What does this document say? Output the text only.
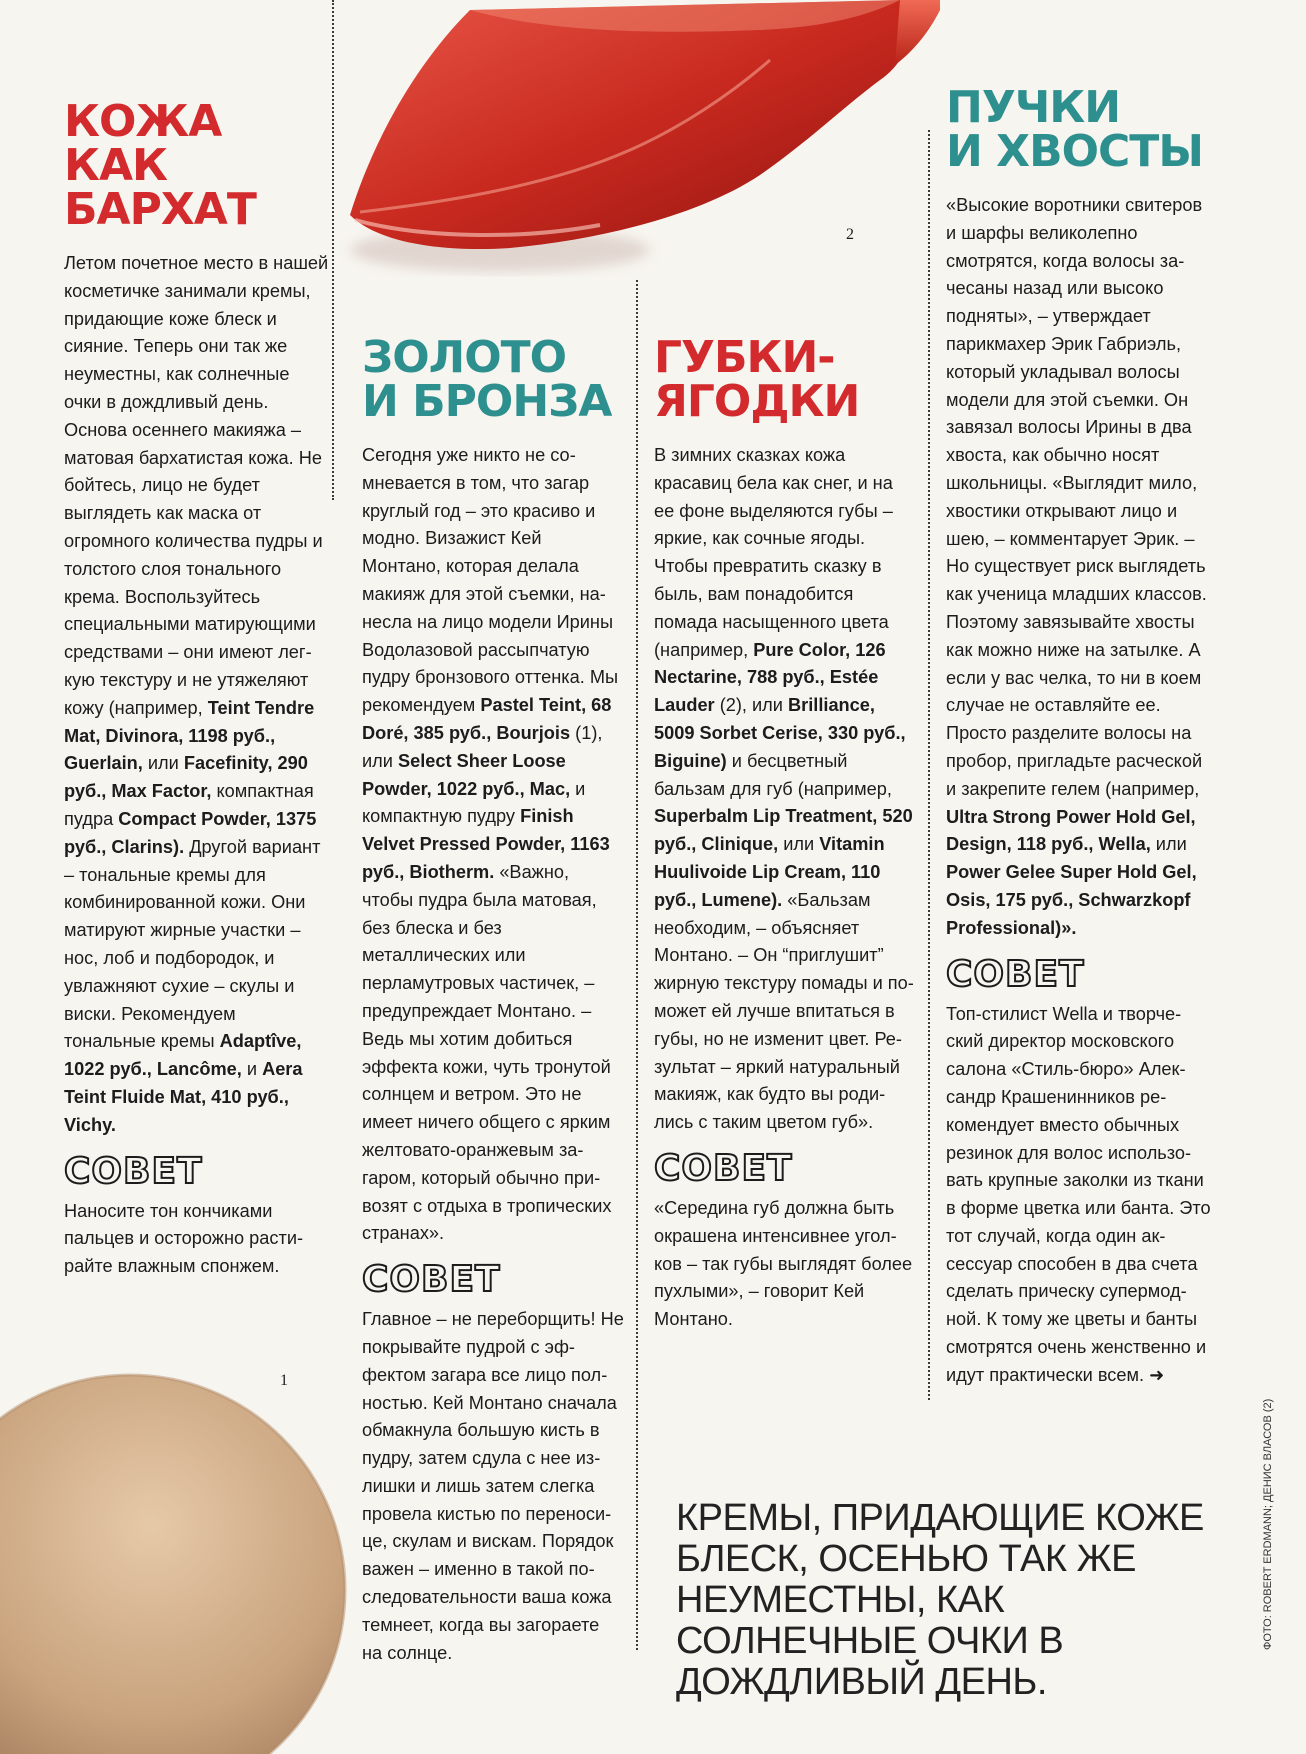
2
1
КОЖА КАК
БАРХАТ

Летом почетное место в нашей косметичке занимали кремы, придающие коже блеск и сияние. Теперь они так же неуместны, как солнечные очки в дождливый день. Основа осеннего макияжа – матовая бархатистая кожа. Не бойтесь, лицо не будет выглядеть как маска от огромного количества пудры и толстого слоя тонального крема. Воспользуйтесь специальными матирующими средствами – они имеют легкую текстуру и не утяжеляют кожу (например, Teint Tendre Mat, Divinora, 1198 руб., Guerlain, или Facefinity, 290 руб., Max Factor, компактная пудра Compact Powder, 1375 руб., Clarins). Другой вариант – тональные кремы для комбинированной кожи. Они матируют жирные участки – нос, лоб и подбородок, и увлажняют сухие – скулы и виски. Рекомендуем тональные кремы Adaptîve, 1022 руб., Lancôme, и Aera Teint Fluide Mat, 410 руб., Vichy.

СОВЕТ

Наносите тон кончиками пальцев и осторожно растирайте влажным спонжем.

ЗОЛОТО
И БРОНЗА

Сегодня уже никто не сомневается в том, что загар круглый год – это красиво и модно. Визажист Кей Монтано, которая делала макияж для этой съемки, нанесла на лицо модели Ирины Водолазовой рассыпчатую пудру бронзового оттенка. Мы рекомендуем Pastel Teint, 68 Doré, 385 руб., Bourjois (1), или Select Sheer Loose Powder, 1022 руб., Mac, и компактную пудру Finish Velvet Pressed Powder, 1163 руб., Biotherm. «Важно, чтобы пудра была матовая, без блеска и без металлических или перламутровых частичек, – предупреждает Монтано. – Ведь мы хотим добиться эффекта кожи, чуть тронутой солнцем и ветром. Это не имеет ничего общего с ярким желтовато-оранжевым загаром, который обычно привозят с отдыха в тропических странах».

СОВЕТ

Главное – не переборщить! Не покрывайте пудрой с эффектом загара все лицо полностью. Кей Монтано сначала обмакнула большую кисть в пудру, затем сдула с нее излишки и лишь затем слегка провела кистью по переносице, скулам и вискам. Порядок важен – именно в такой последовательности ваша кожа темнеет, когда вы загораете на солнце.

ГУБКИ-
ЯГОДКИ

В зимних сказках кожа красавиц бела как снег, и на ее фоне выделяются губы – яркие, как сочные ягоды. Чтобы превратить сказку в быль, вам понадобится помада насыщенного цвета (например, Pure Color, 126 Nectarine, 788 руб., Estée Lauder (2), или Brilliance, 5009 Sorbet Cerise, 330 руб., Biguine) и бесцветный бальзам для губ (например, Superbalm Lip Treatment, 520 руб., Clinique, или Vitamin Huulivoide Lip Cream, 110 руб., Lumene). «Бальзам необходим, – объясняет Монтано. – Он “приглушит” жирную текстуру помады и поможет ей лучше впитаться в губы, но не изменит цвет. Результат – яркий натуральный макияж, как будто вы родились с таким цветом губ».

СОВЕТ

«Середина губ должна быть окрашена интенсивнее уголков – так губы выглядят более пухлыми», – говорит Кей Монтано.

ПУЧКИ
И ХВОСТЫ

«Высокие воротники свитеров и шарфы великолепно смотрятся, когда волосы зачесаны назад или высоко подняты», – утверждает парикмахер Эрик Габриэль, который укладывал волосы модели для этой съемки. Он завязал волосы Ирины в два хвоста, как обычно носят школьницы. «Выглядит мило, хвостики открывают лицо и шею, – комментарует Эрик. – Но существует риск выглядеть как ученица младших классов. Поэтому завязывайте хвосты как можно ниже на затылке. А если у вас челка, то ни в коем случае не оставляйте ее. Просто разделите волосы на пробор, пригладьте расческой и закрепите гелем (например, Ultra Strong Power Hold Gel, Design, 118 руб., Wella, или Power Gelee Super Hold Gel, Osis, 175 руб., Schwarzkopf Professional)».

СОВЕТ

Топ-стилист Wella и творческий директор московского салона «Стиль-бюро» Александр Крашенинников рекомендует вместо обычных резинок для волос использовать крупные заколки из ткани в форме цветка или банта. Это тот случай, когда один аксессуар способен в два счета сделать прическу супермодной. К тому же цветы и банты смотрятся очень женственно и идут практически всем. ➜

КРЕМЫ, ПРИДАЮЩИЕ КОЖЕ БЛЕСК, ОСЕНЬЮ ТАК ЖЕ НЕУМЕСТНЫ, КАК СОЛНЕЧНЫЕ ОЧКИ В ДОЖДЛИВЫЙ ДЕНЬ.
ФОТО: ROBERT ERDMANN; ДЕНИС ВЛАСОВ (2)
